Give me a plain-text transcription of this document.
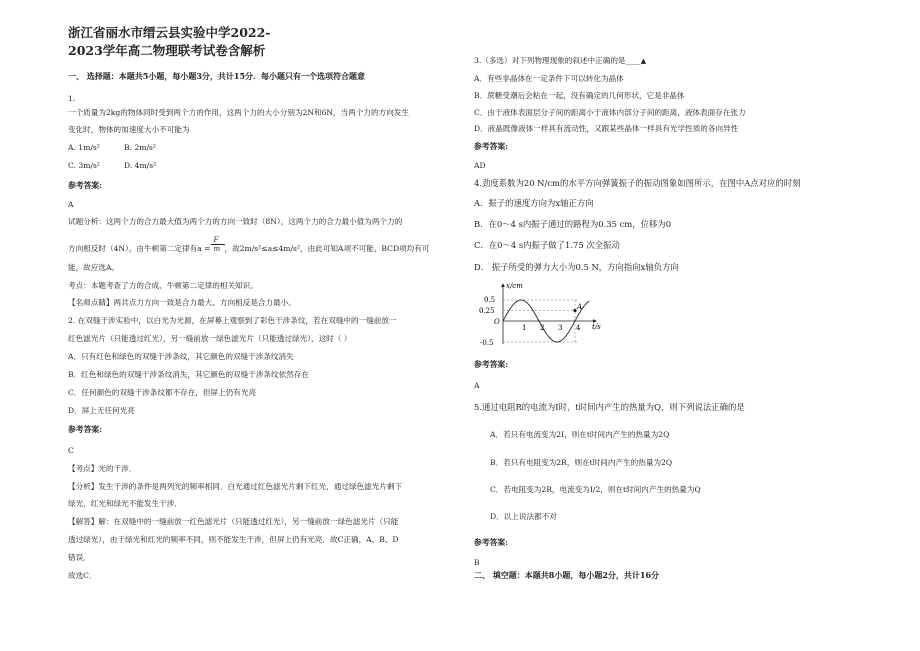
浙江省丽水市缙云县实验中学2022-
2023学年高二物理联考试卷含解析
一、 选择题：本题共5小题，每小题3分，共计15分．每小题只有一个选项符合题意
1.
一个质量为2kg的物体同时受到两个力的作用，这两个力的大小分别为2N和6N，当两个力的方向发生
变化时，物体的加速度大小不可能为
A. 1m/s²	B. 2m/s²
C. 3m/s²	D. 4m/s²
参考答案:
A
试题分析：这两个力的合力最大值为两个力的方向一致时（8N），这两个力的合力最小值为两个力的
方向相反时（4N），由牛顿第二定律有$a = \frac{F}{m}$ ，故2m/s²≤a≤4m/s²，由此可知A项不可能、BCD项均有可
能，故应选A。
考点：本题考查了力的合成、牛顿第二定律的相关知识。
【名师点睛】两共点力方向一致是合力最大、方向相反是合力最小。
2. 在双缝干涉实验中，以白光为光源，在屏幕上观察到了彩色干涉条纹，若在双缝中的一缝前放一
红色滤光片（只能透过红光），另一缝前放一绿色滤光片（只能透过绿光），这时（ ）
A．只有红色和绿色的双缝干涉条纹，其它颜色的双缝干涉条纹消失
B．红色和绿色的双缝干涉条纹消失，其它颜色的双缝干涉条纹依然存在
C．任何颜色的双缝干涉条纹都不存在，但屏上仍有光亮
D．屏上无任何光亮
参考答案:
C
【考点】光的干涉．
【分析】发生干涉的条件是两列光的频率相同．白光通过红色滤光片剩下红光，通过绿色滤光片剩下
绿光，红光和绿光不能发生干涉．
【解答】解：在双缝中的一缝前放一红色滤光片（只能透过红光），另一缝前放一绿色滤光片（只能
透过绿光），由于绿光和红光的频率不同，则不能发生干涉，但屏上仍有光亮．故C正确，A、B、D
错误．
故选C．
3.（多选）对下列物理现象的叙述中正确的是____▲
A．有些非晶体在一定条件下可以转化为晶体
B．蔗糖受潮后会粘在一起，没有确定的几何形状，它是非晶体
C．由于液体表面层分子间的距离小于液体内部分子间的距离，液体表面存在张力
D．液晶既像液体一样具有流动性，又跟某些晶体一样具有光学性质的各向异性
参考答案:
AD
4.劲度系数为20 N/cm的水平方向弹簧振子的振动图象如图所示，在图中A点对应的时刻
A．振子的速度方向为x轴正方向
B．在0～4 s内振子通过的路程为0.35 cm，位移为0
C．在0～4 s内振子做了1.75 次全振动
D． 振子所受的弹力大小为0.5 N，方向指向x轴负方向
x/cm
t/s
O
0.5
0.25
-0.5
1 2 3 4
A
参考答案:
A
5.通过电阻R的电流为I时，t时间内产生的热量为Q，则下列说法正确的是
A．若只有电流变为2I，则在t时间内产生的热量为2Q
B．若只有电阻变为2R，则在t时间内产生的热量为2Q
C．若电阻变为2R，电流变为I/2，则在t时间内产生的热量为Q
D．以上说法都不对
参考答案:
B
二、 填空题：本题共8小题，每小题2分，共计16分
